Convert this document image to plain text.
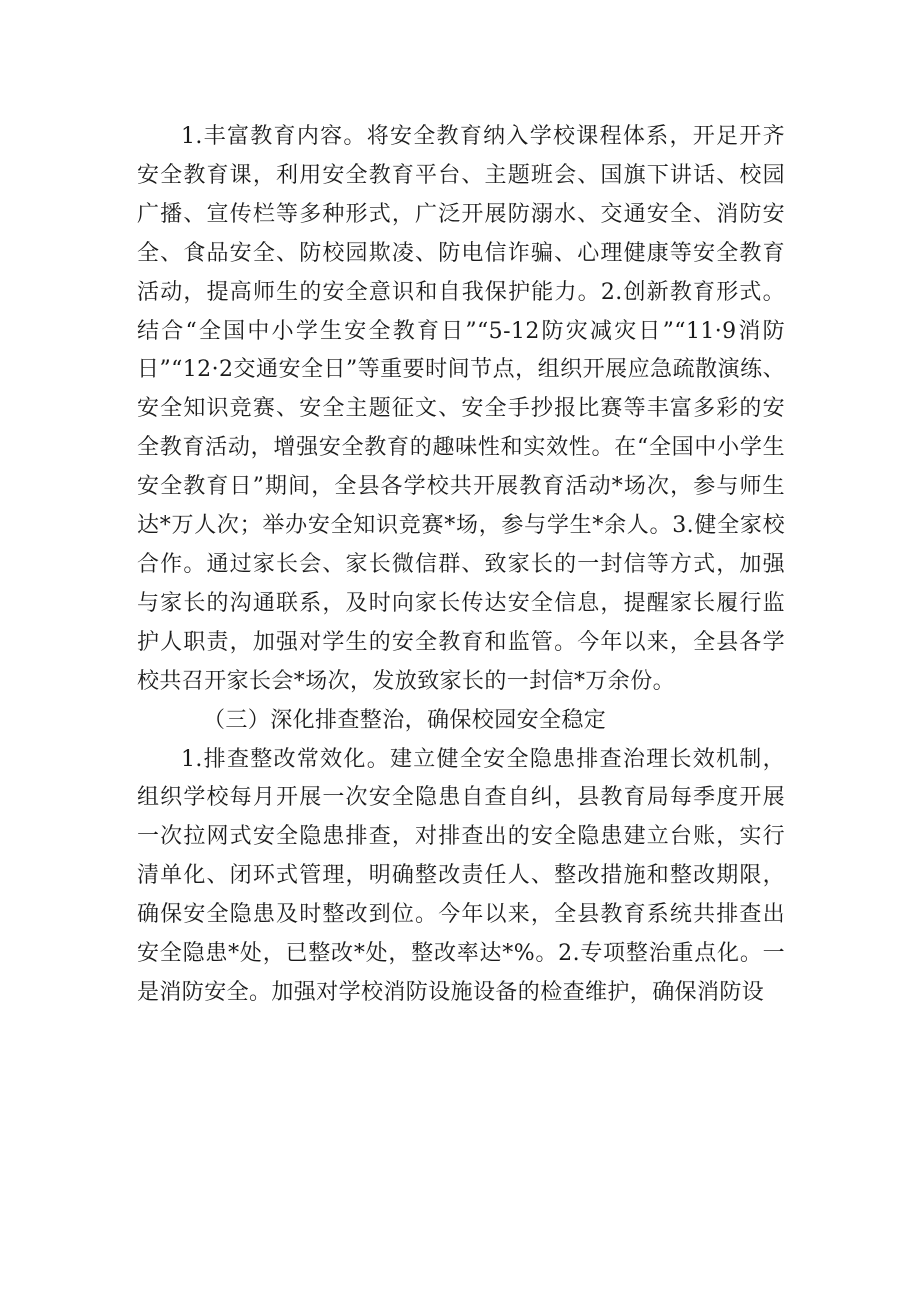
1.丰富教育内容。将安全教育纳入学校课程体系，开足开齐安全教育课，利用安全教育平台、主题班会、国旗下讲话、校园广播、宣传栏等多种形式，广泛开展防溺水、交通安全、消防安全、食品安全、防校园欺凌、防电信诈骗、心理健康等安全教育活动，提高师生的安全意识和自我保护能力。2.创新教育形式。结合“全国中小学生安全教育日”“5-12防灾减灾日”“11·9消防日”“12·2交通安全日”等重要时间节点，组织开展应急疏散演练、安全知识竞赛、安全主题征文、安全手抄报比赛等丰富多彩的安全教育活动，增强安全教育的趣味性和实效性。在“全国中小学生安全教育日”期间，全县各学校共开展教育活动*场次，参与师生达*万人次；举办安全知识竞赛*场，参与学生*余人。3.健全家校合作。通过家长会、家长微信群、致家长的一封信等方式，加强与家长的沟通联系，及时向家长传达安全信息，提醒家长履行监护人职责，加强对学生的安全教育和监管。今年以来，全县各学校共召开家长会*场次，发放致家长的一封信*万余份。

（三）深化排查整治，确保校园安全稳定

1.排查整改常效化。建立健全安全隐患排查治理长效机制，组织学校每月开展一次安全隐患自查自纠，县教育局每季度开展一次拉网式安全隐患排查，对排查出的安全隐患建立台账，实行清单化、闭环式管理，明确整改责任人、整改措施和整改期限，确保安全隐患及时整改到位。今年以来，全县教育系统共排查出安全隐患*处，已整改*处，整改率达*%。2.专项整治重点化。一是消防安全。加强对学校消防设施设备的检查维护，确保消防设
